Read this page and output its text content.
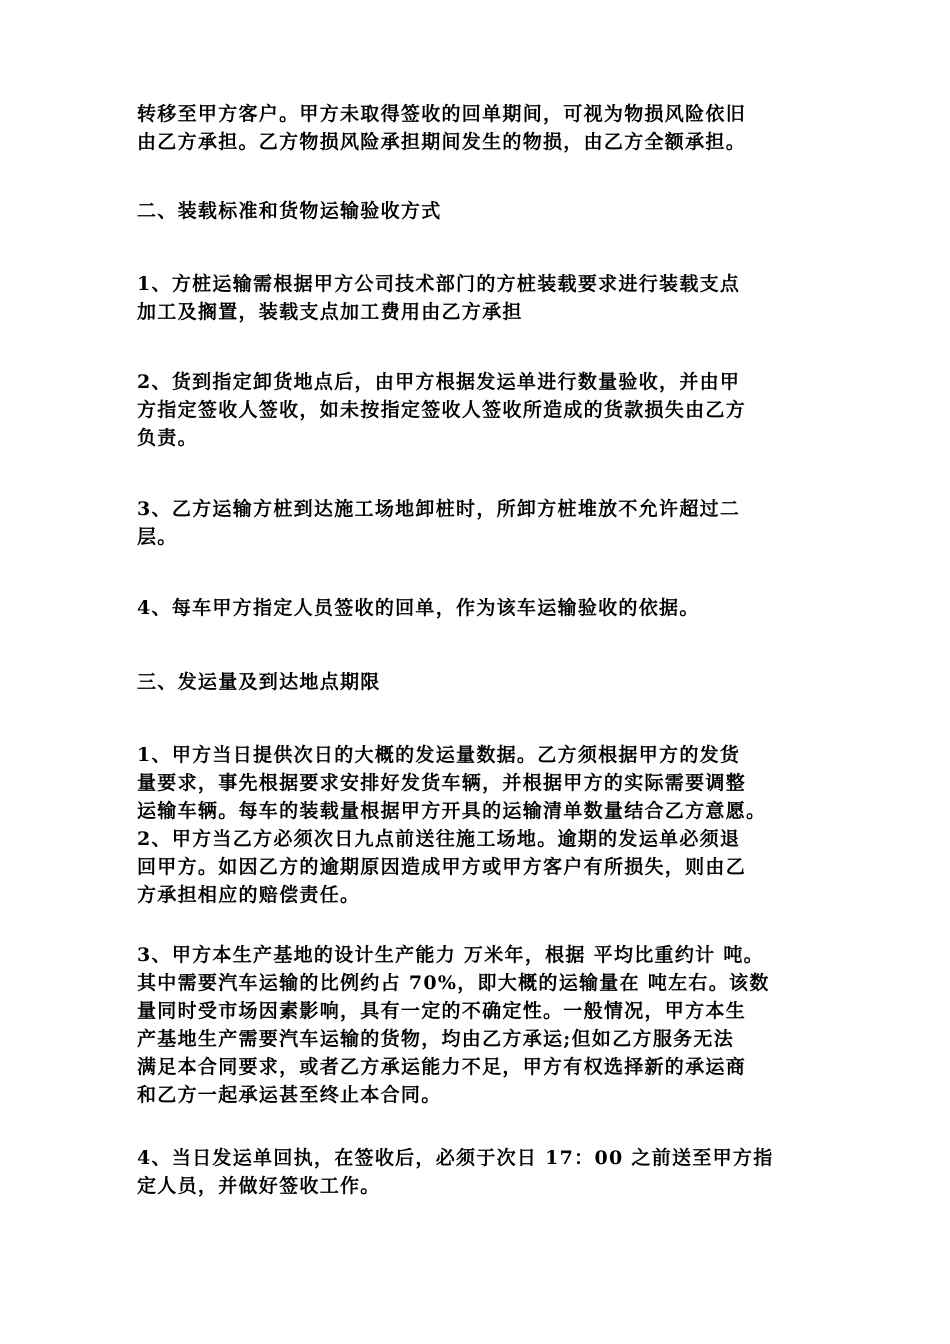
转移至甲方客户。甲方未取得签收的回单期间，可视为物损风险依旧
由乙方承担。乙方物损风险承担期间发生的物损，由乙方全额承担。
二、装载标准和货物运输验收方式
1、方桩运输需根据甲方公司技术部门的方桩装载要求进行装载支点
加工及搁置，装载支点加工费用由乙方承担
2、货到指定卸货地点后，由甲方根据发运单进行数量验收，并由甲
方指定签收人签收，如未按指定签收人签收所造成的货款损失由乙方
负责。
3、乙方运输方桩到达施工场地卸桩时，所卸方桩堆放不允许超过二
层。
4、每车甲方指定人员签收的回单，作为该车运输验收的依据。
三、发运量及到达地点期限
1、甲方当日提供次日的大概的发运量数据。乙方须根据甲方的发货
量要求，事先根据要求安排好发货车辆，并根据甲方的实际需要调整
运输车辆。每车的装载量根据甲方开具的运输清单数量结合乙方意愿。
2、甲方当乙方必须次日九点前送往施工场地。逾期的发运单必须退
回甲方。如因乙方的逾期原因造成甲方或甲方客户有所损失，则由乙
方承担相应的赔偿责任。
3、甲方本生产基地的设计生产能力 万米年，根据 平均比重约计 吨。
其中需要汽车运输的比例约占 70%，即大概的运输量在 吨左右。该数
量同时受市场因素影响，具有一定的不确定性。一般情况，甲方本生
产基地生产需要汽车运输的货物，均由乙方承运;但如乙方服务无法
满足本合同要求，或者乙方承运能力不足，甲方有权选择新的承运商
和乙方一起承运甚至终止本合同。
4、当日发运单回执，在签收后，必须于次日 17：00 之前送至甲方指
定人员，并做好签收工作。
